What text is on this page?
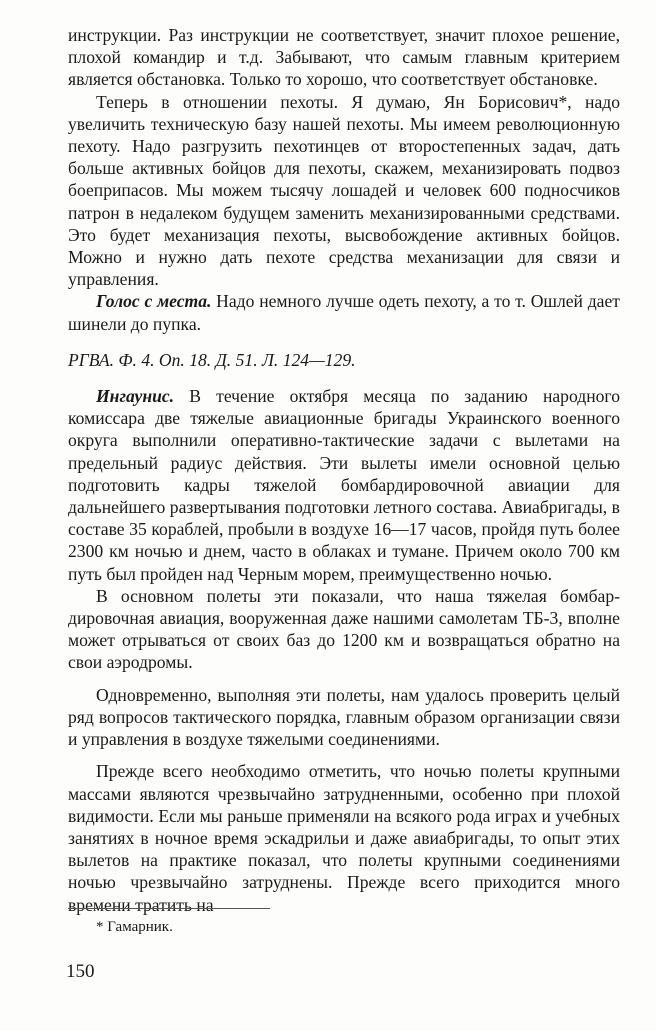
инструкции. Раз инструкции не соответствует, значит плохое решение, плохой командир и т.д. Забывают, что самым главным критерием является обстановка. Только то хорошо, что соответствует обстановке.

Теперь в отношении пехоты. Я думаю, Ян Борисович*, надо увеличить техническую базу нашей пехоты. Мы имеем революционную пехоту. Надо разгрузить пехотинцев от второстепенных задач, дать больше активных бойцов для пехоты, скажем, механизировать подвоз боеприпасов. Мы можем тысячу лошадей и человек 600 подносчиков патрон в недалеком будущем заменить механизированными средствами. Это будет механизация пехоты, высвобождение активных бойцов. Можно и нужно дать пехоте средства механизации для связи и управления.

Голос с места. Надо немного лучше одеть пехоту, а то т. Ошлей дает шинели до пупка.

РГВА. Ф. 4. Оп. 18. Д. 51. Л. 124—129.

Ингаунис. В течение октября месяца по заданию народного комиссара две тяжелые авиационные бригады Украинского военного округа выполнили оперативно-тактические задачи с вылетами на предельный радиус действия. Эти вылеты имели основной целью подготовить кадры тяжелой бомбардировочной авиации для дальнейшего развертывания подготовки летного состава. Авиабригады, в составе 35 кораблей, пробыли в воздухе 16—17 часов, пройдя путь более 2300 км ночью и днем, часто в облаках и тумане. Причем около 700 км путь был пройден над Черным морем, преимущественно ночью.

В основном полеты эти показали, что наша тяжелая бомбардировочная авиация, вооруженная даже нашими самолетам ТБ-3, вполне может отрываться от своих баз до 1200 км и возвращаться обратно на свои аэродромы.

Одновременно, выполняя эти полеты, нам удалось проверить целый ряд вопросов тактического порядка, главным образом организации связи и управления в воздухе тяжелыми соединениями.

Прежде всего необходимо отметить, что ночью полеты крупными массами являются чрезвычайно затрудненными, особенно при плохой видимости. Если мы раньше применяли на всякого рода играх и учебных занятиях в ночное время эскадрильи и даже авиабригады, то опыт этих вылетов на практике показал, что полеты крупными соединениями ночью чрезвычайно затруднены. Прежде всего приходится много времени тратить на

* Гамарник.
150
